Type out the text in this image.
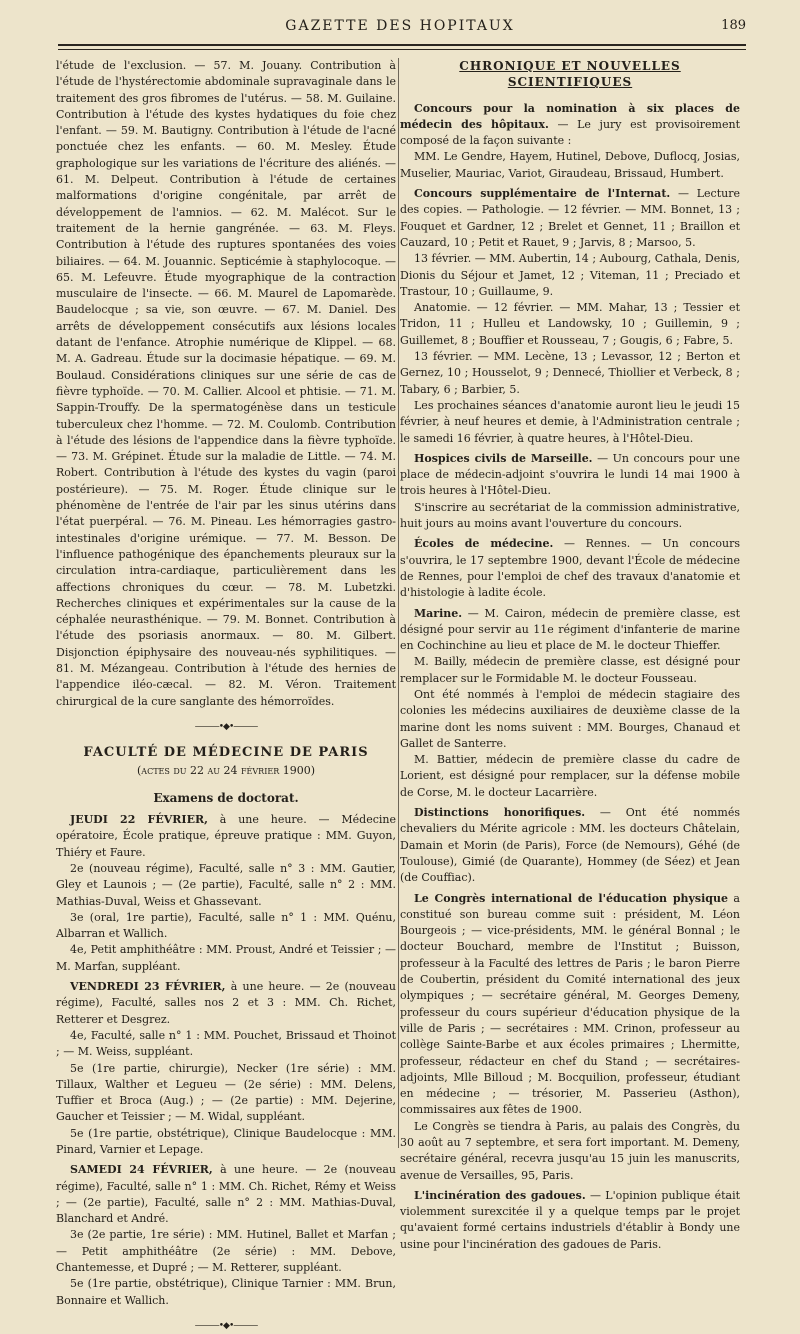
GAZETTE DES HOPITAUX	189

l'étude de l'exclusion. — 57. M. Jouany. Contribution à l'étude de l'hystérectomie abdominale supravaginale dans le traitement des gros fibromes de l'utérus. — 58. M. Guilaine. Contribution à l'étude des kystes hydatiques du foie chez l'enfant. — 59. M. Bautigny. Contribution à l'étude de l'acné ponctuée chez les enfants. — 60. M. Mesley. Étude graphologique sur les variations de l'écriture des aliénés. — 61. M. Delpeut. Contribution à l'étude de certaines malformations d'origine congénitale, par arrêt de développement de l'amnios. — 62. M. Malécot. Sur le traitement de la hernie gangrénée. — 63. M. Fleys. Contribution à l'étude des ruptures spontanées des voies biliaires. — 64. M. Jouannic. Septicémie à staphylocoque. — 65. M. Lefeuvre. Étude myographique de la contraction musculaire de l'insecte. — 66. M. Maurel de Lapomarède. Baudelocque ; sa vie, son œuvre. — 67. M. Daniel. Des arrêts de développement consécutifs aux lésions locales datant de l'enfance. Atrophie numérique de Klippel. — 68. M. A. Gadreau. Étude sur la docimasie hépatique. — 69. M. Boulaud. Considérations cliniques sur une série de cas de fièvre typhoïde. — 70. M. Callier. Alcool et phtisie. — 71. M. Sappin-Trouffy. De la spermatogénèse dans un testicule tuberculeux chez l'homme. — 72. M. Coulomb. Contribution à l'étude des lésions de l'appendice dans la fièvre typhoïde. — 73. M. Grépinet. Étude sur la maladie de Little. — 74. M. Robert. Contribution à l'étude des kystes du vagin (paroi postérieure). — 75. M. Roger. Étude clinique sur le phénomène de l'entrée de l'air par les sinus utérins dans l'état puerpéral. — 76. M. Pineau. Les hémorragies gastro-intestinales d'origine urémique. — 77. M. Besson. De l'influence pathogénique des épanchements pleuraux sur la circulation intra-cardiaque, particulièrement dans les affections chroniques du cœur. — 78. M. Lubetzki. Recherches cliniques et expérimentales sur la cause de la céphalée neurasthénique. — 79. M. Bonnet. Contribution à l'étude des psoriasis anormaux. — 80. M. Gilbert. Disjonction épiphysaire des nouveau-nés syphilitiques. — 81. M. Mézangeau. Contribution à l'étude des hernies de l'appendice iléo-cæcal. — 82. M. Véron. Traitement chirurgical de la cure sanglante des hémorroïdes.

———•◆•———
FACULTÉ DE MÉDECINE DE PARIS
(actes du 22 au 24 février 1900)
Examens de doctorat.

JEUDI 22 FÉVRIER, à une heure. — Médecine opératoire, École pratique, épreuve pratique : MM. Guyon, Thiéry et Faure.

2e (nouveau régime), Faculté, salle n° 3 : MM. Gautier, Gley et Launois ; — (2e partie), Faculté, salle n° 2 : MM. Mathias-Duval, Weiss et Ghassevant.

3e (oral, 1re partie), Faculté, salle n° 1 : MM. Quénu, Albarran et Wallich.

4e, Petit amphithéâtre : MM. Proust, André et Teissier ; — M. Marfan, suppléant.

VENDREDI 23 FÉVRIER, à une heure. — 2e (nouveau régime), Faculté, salles nos 2 et 3 : MM. Ch. Richet, Retterer et Desgrez.

4e, Faculté, salle n° 1 : MM. Pouchet, Brissaud et Thoinot ; — M. Weiss, suppléant.

5e (1re partie, chirurgie), Necker (1re série) : MM. Tillaux, Walther et Legueu — (2e série) : MM. Delens, Tuffier et Broca (Aug.) ; — (2e partie) : MM. Dejerine, Gaucher et Teissier ; — M. Widal, suppléant.

5e (1re partie, obstétrique), Clinique Baudelocque : MM. Pinard, Varnier et Lepage.

SAMEDI 24 FÉVRIER, à une heure. — 2e (nouveau régime), Faculté, salle n° 1 : MM. Ch. Richet, Rémy et Weiss ; — (2e partie), Faculté, salle n° 2 : MM. Mathias-Duval, Blanchard et André.

3e (2e partie, 1re série) : MM. Hutinel, Ballet et Marfan ; — Petit amphithéâtre (2e série) : MM. Debove, Chantemesse, et Dupré ; — M. Retterer, suppléant.

5e (1re partie, obstétrique), Clinique Tarnier : MM. Brun, Bonnaire et Wallich.

———•◆•———
CHRONIQUE ET NOUVELLES SCIENTIFIQUES

Concours pour la nomination à six places de médecin des hôpitaux. — Le jury est provisoirement composé de la façon suivante :

MM. Le Gendre, Hayem, Hutinel, Debove, Duflocq, Josias, Muselier, Mauriac, Variot, Giraudeau, Brissaud, Humbert.

Concours supplémentaire de l'Internat. — Lecture des copies. — Pathologie. — 12 février. — MM. Bonnet, 13 ; Fouquet et Gardner, 12 ; Brelet et Gennet, 11 ; Braillon et Cauzard, 10 ; Petit et Rauet, 9 ; Jarvis, 8 ; Marsoo, 5.

13 février. — MM. Aubertin, 14 ; Aubourg, Cathala, Denis, Dionis du Séjour et Jamet, 12 ; Viteman, 11 ; Preciado et Trastour, 10 ; Guillaume, 9.

Anatomie. — 12 février. — MM. Mahar, 13 ; Tessier et Tridon, 11 ; Hulleu et Landowsky, 10 ; Guillemin, 9 ; Guillemet, 8 ; Bouffier et Rousseau, 7 ; Gougis, 6 ; Fabre, 5.

13 février. — MM. Lecène, 13 ; Levassor, 12 ; Berton et Gernez, 10 ; Housselot, 9 ; Dennecé, Thiollier et Verbeck, 8 ; Tabary, 6 ; Barbier, 5.

Les prochaines séances d'anatomie auront lieu le jeudi 15 février, à neuf heures et demie, à l'Administration centrale ; le samedi 16 février, à quatre heures, à l'Hôtel-Dieu.

Hospices civils de Marseille. — Un concours pour une place de médecin-adjoint s'ouvrira le lundi 14 mai 1900 à trois heures à l'Hôtel-Dieu.

S'inscrire au secrétariat de la commission administrative, huit jours au moins avant l'ouverture du concours.

Écoles de médecine. — Rennes. — Un concours s'ouvrira, le 17 septembre 1900, devant l'École de médecine de Rennes, pour l'emploi de chef des travaux d'anatomie et d'histologie à ladite école.

Marine. — M. Cairon, médecin de première classe, est désigné pour servir au 11e régiment d'infanterie de marine en Cochinchine au lieu et place de M. le docteur Thieffer.

M. Bailly, médecin de première classe, est désigné pour remplacer sur le Formidable M. le docteur Fousseau.

Ont été nommés à l'emploi de médecin stagiaire des colonies les médecins auxiliaires de deuxième classe de la marine dont les noms suivent : MM. Bourges, Chanaud et Gallet de Santerre.

M. Battier, médecin de première classe du cadre de Lorient, est désigné pour remplacer, sur la défense mobile de Corse, M. le docteur Lacarrière.

Distinctions honorifiques. — Ont été nommés chevaliers du Mérite agricole : MM. les docteurs Châtelain, Damain et Morin (de Paris), Force (de Nemours), Géhé (de Toulouse), Gimié (de Quarante), Hommey (de Séez) et Jean (de Couffiac).

Le Congrès international de l'éducation physique a constitué son bureau comme suit : président, M. Léon Bourgeois ; — vice-présidents, MM. le général Bonnal ; le docteur Bouchard, membre de l'Institut ; Buisson, professeur à la Faculté des lettres de Paris ; le baron Pierre de Coubertin, président du Comité international des jeux olympiques ; — secrétaire général, M. Georges Demeny, professeur du cours supérieur d'éducation physique de la ville de Paris ; — secrétaires : MM. Crinon, professeur au collège Sainte-Barbe et aux écoles primaires ; Lhermitte, professeur, rédacteur en chef du Stand ; — secrétaires-adjoints, Mlle Billoud ; M. Bocquilion, professeur, étudiant en médecine ; — trésorier, M. Passerieu (Asthon), commissaires aux fêtes de 1900.

Le Congrès se tiendra à Paris, au palais des Congrès, du 30 août au 7 septembre, et sera fort important. M. Demeny, secrétaire général, recevra jusqu'au 15 juin les manuscrits, avenue de Versailles, 95, Paris.

L'incinération des gadoues. — L'opinion publique était violemment surexcitée il y a quelque temps par le projet qu'avaient formé certains industriels d'établir à Bondy une usine pour l'incinération des gadoues de Paris.
